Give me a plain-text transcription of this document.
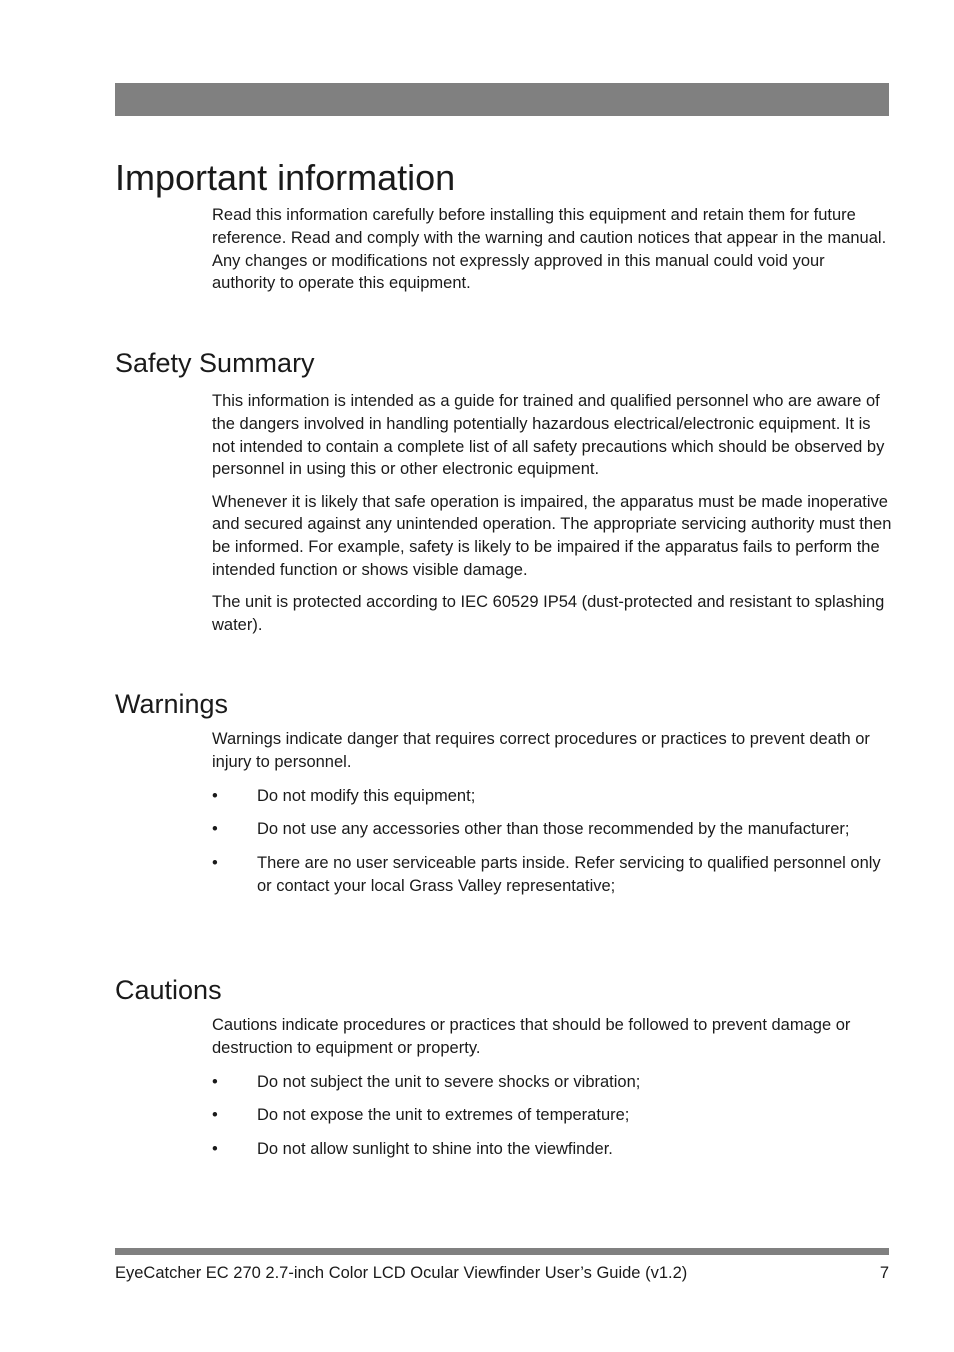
Important information

Read this information carefully before installing this equipment and retain them for future reference. Read and comply with the warning and caution notices that appear in the manual. Any changes or modifications not expressly approved in this manual could void your authority to operate this equipment.

Safety Summary

This information is intended as a guide for trained and qualified personnel who are aware of the dangers involved in handling potentially hazardous electrical/electronic equipment. It is not intended to contain a complete list of all safety precautions which should be observed by personnel in using this or other electronic equipment.

Whenever it is likely that safe operation is impaired, the apparatus must be made inoperative and secured against any unintended operation. The appropriate servicing authority must then be informed. For example, safety is likely to be impaired if the apparatus fails to perform the intended function or shows visible damage.

The unit is protected according to IEC 60529 IP54 (dust-protected and resistant to splashing water).

Warnings

Warnings indicate danger that requires correct procedures or practices to prevent death or injury to personnel.

• Do not modify this equipment;
• Do not use any accessories other than those recommended by the manufacturer;
• There are no user serviceable parts inside. Refer servicing to qualified personnel only or contact your local Grass Valley representative;
Cautions

Cautions indicate procedures or practices that should be followed to prevent damage or destruction to equipment or property.

• Do not subject the unit to severe shocks or vibration;
• Do not expose the unit to extremes of temperature;
• Do not allow sunlight to shine into the viewfinder.
EyeCatcher EC 270 2.7-inch Color LCD Ocular Viewfinder User’s Guide (v1.2)	7
